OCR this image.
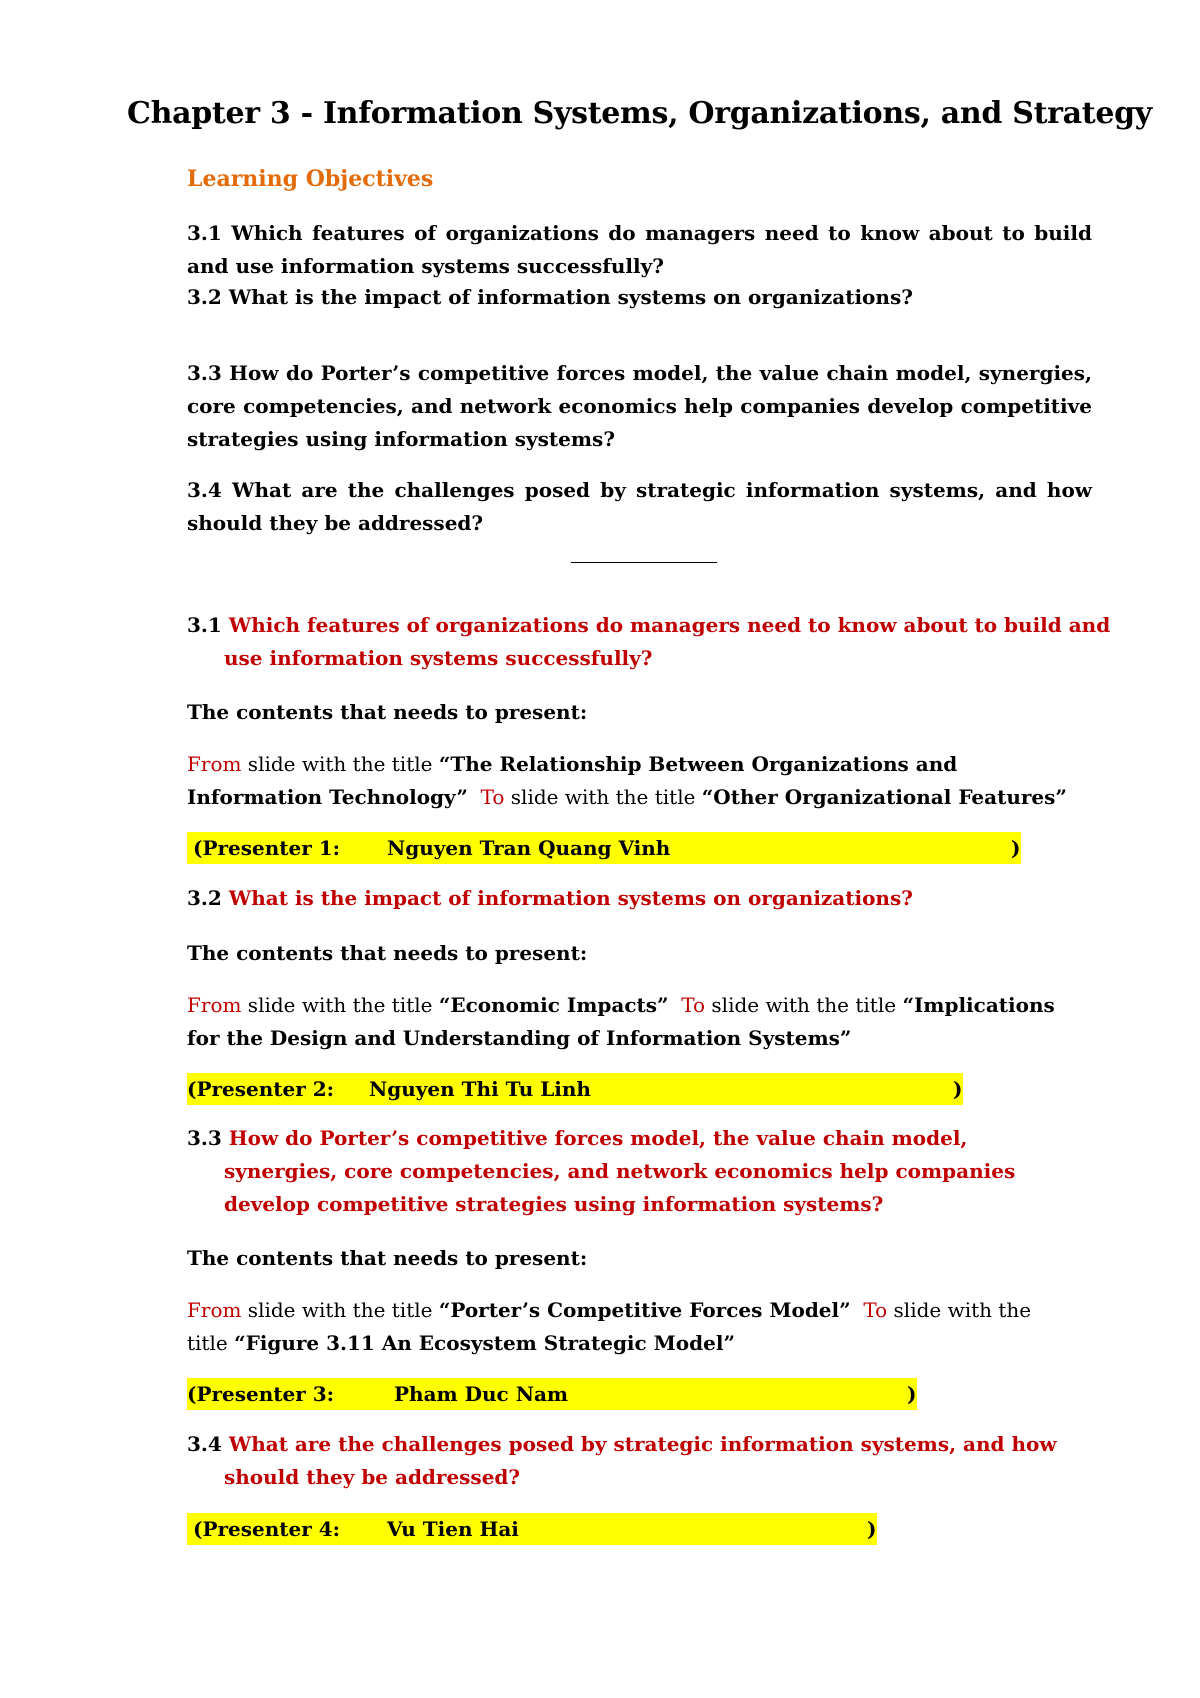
Chapter 3 - Information Systems, Organizations, and Strategy
Learning Objectives
3.1 Which features of organizations do managers need to know about to build and use information systems successfully?
3.2 What is the impact of information systems on organizations?
3.3 How do Porter’s competitive forces model, the value chain model, synergies, core competencies, and network economics help companies develop competitive strategies using information systems?
3.4 What are the challenges posed by strategic information systems, and how should they be addressed?
3.1 Which features of organizations do managers need to know about to build and use information systems successfully?
The contents that needs to present:
From slide with the title “The Relationship Between Organizations and Information Technology” To slide with the title “Other Organizational Features”
(Presenter 1: Nguyen Tran Quang Vinh	)
3.2 What is the impact of information systems on organizations?
The contents that needs to present:
From slide with the title “Economic Impacts” To slide with the title “Implications for the Design and Understanding of Information Systems”
(Presenter 2: Nguyen Thi Tu Linh	)
3.3 How do Porter’s competitive forces model, the value chain model, synergies, core competencies, and network economics help companies develop competitive strategies using information systems?
The contents that needs to present:
From slide with the title “Porter’s Competitive Forces Model” To slide with the title “Figure 3.11 An Ecosystem Strategic Model”
(Presenter 3:	Pham Duc Nam	)
3.4 What are the challenges posed by strategic information systems, and how should they be addressed?
(Presenter 4: Vu Tien Hai	)
